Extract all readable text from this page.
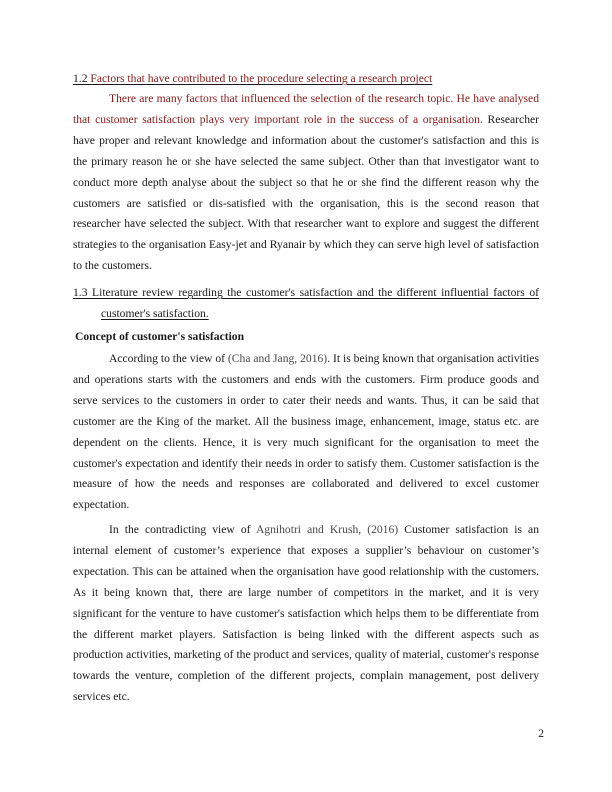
1.2 Factors that have contributed to the procedure selecting a research project

There are many factors that influenced the selection of the research topic. He have analysed that customer satisfaction plays very important role in the success of a organisation. Researcher have proper and relevant knowledge and information about the customer's satisfaction and this is the primary reason he or she have selected the same subject. Other than that investigator want to conduct more depth analyse about the subject so that he or she find the different reason why the customers are satisfied or dis-satisfied with the organisation, this is the second reason that researcher have selected the subject. With that researcher want to explore and suggest the different strategies to the organisation Easy-jet and Ryanair by which they can serve high level of satisfaction to the customers.

1.3 Literature review regarding the customer's satisfaction and the different influential factors of customer's satisfaction.

Concept of customer's satisfaction

According to the view of (Cha and Jang, 2016). It is being known that organisation activities and operations starts with the customers and ends with the customers. Firm produce goods and serve services to the customers in order to cater their needs and wants. Thus, it can be said that customer are the King of the market. All the business image, enhancement, image, status etc. are dependent on the clients. Hence, it is very much significant for the organisation to meet the customer's expectation and identify their needs in order to satisfy them. Customer satisfaction is the measure of how the needs and responses are collaborated and delivered to excel customer expectation.

In the contradicting view of Agnihotri and Krush, (2016) Customer satisfaction is an internal element of customer’s experience that exposes a supplier’s behaviour on customer’s expectation. This can be attained when the organisation have good relationship with the customers. As it being known that, there are large number of competitors in the market, and it is very significant for the venture to have customer's satisfaction which helps them to be differentiate from the different market players. Satisfaction is being linked with the different aspects such as production activities, marketing of the product and services, quality of material, customer's response towards the venture, completion of the different projects, complain management, post delivery services etc.

2
